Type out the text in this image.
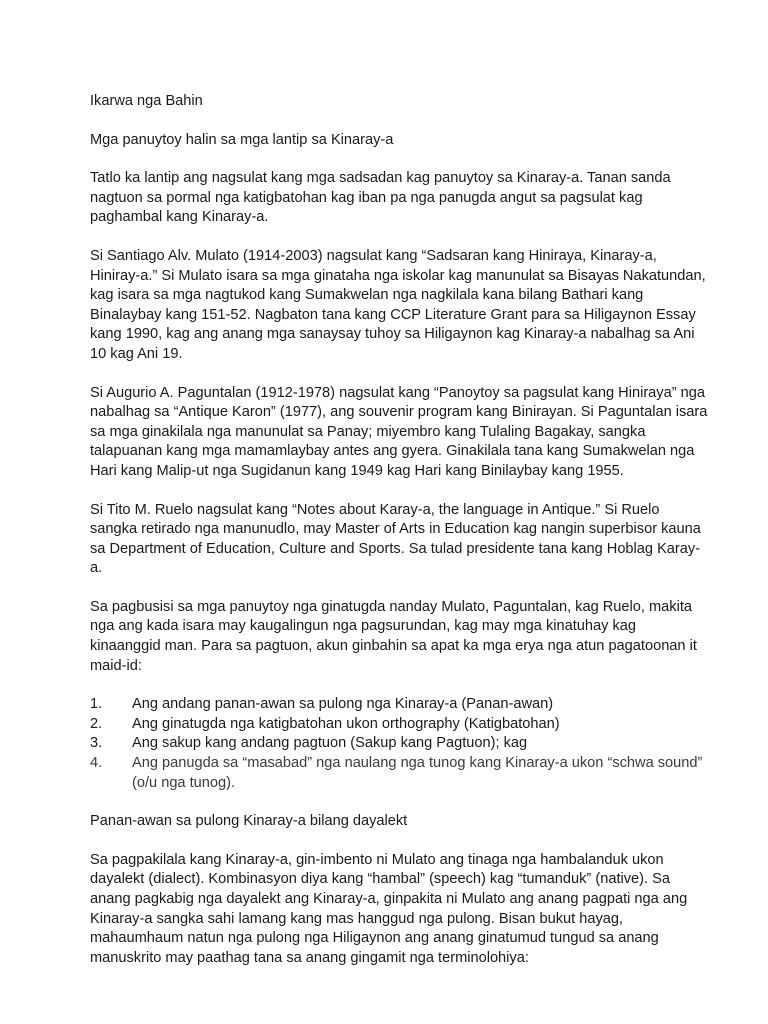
Ikarwa nga Bahin

Mga panuytoy halin sa mga lantip sa Kinaray-a

Tatlo ka lantip ang nagsulat kang mga sadsadan kag panuytoy sa Kinaray-a. Tanan sanda nagtuon sa pormal nga katigbatohan kag iban pa nga panugda angut sa pagsulat kag paghambal kang Kinaray-a.

Si Santiago Alv. Mulato (1914-2003) nagsulat kang “Sadsaran kang Hiniraya, Kinaray-a, Hiniray-a.” Si Mulato isara sa mga ginataha nga iskolar kag manunulat sa Bisayas Nakatundan, kag isara sa mga nagtukod kang Sumakwelan nga nagkilala kana bilang Bathari kang Binalaybay kang 151-52. Nagbaton tana kang CCP Literature Grant para sa Hiligaynon Essay kang 1990, kag ang anang mga sanaysay tuhoy sa Hiligaynon kag Kinaray-a nabalhag sa Ani 10 kag Ani 19.

Si Augurio A. Paguntalan (1912-1978) nagsulat kang “Panoytoy sa pagsulat kang Hiniraya” nga nabalhag sa “Antique Karon” (1977), ang souvenir program kang Binirayan. Si Paguntalan isara sa mga ginakilala nga manunulat sa Panay; miyembro kang Tulaling Bagakay, sangka talapuanan kang mga mamamlaybay antes ang gyera. Ginakilala tana kang Sumakwelan nga Hari kang Malip-ut nga Sugidanun kang 1949 kag Hari kang Binilaybay kang 1955.

Si Tito M. Ruelo nagsulat kang “Notes about Karay-a, the language in Antique.” Si Ruelo sangka retirado nga manunudlo, may Master of Arts in Education kag nangin superbisor kauna sa Department of Education, Culture and Sports. Sa tulad presidente tana kang Hoblag Karay-a.

Sa pagbusisi sa mga panuytoy nga ginatugda nanday Mulato, Paguntalan, kag Ruelo, makita nga ang kada isara may kaugalingun nga pagsurundan, kag may mga kinatuhay kag kinaanggid man. Para sa pagtuon, akun ginbahin sa apat ka mga erya nga atun pagatoonan it maid-id:

1.	Ang andang panan-awan sa pulong nga Kinaray-a (Panan-awan)
2.	Ang ginatugda nga katigbatohan ukon orthography (Katigbatohan)
3.	Ang sakup kang andang pagtuon (Sakup kang Pagtuon); kag
4.	Ang panugda sa “masabad” nga naulang nga tunog kang Kinaray-a ukon “schwa sound” (o/u nga tunog).

Panan-awan sa pulong Kinaray-a bilang dayalekt

Sa pagpakilala kang Kinaray-a, gin-imbento ni Mulato ang tinaga nga hambalanduk ukon dayalekt (dialect). Kombinasyon diya kang “hambal” (speech) kag “tumanduk” (native). Sa anang pagkabig nga dayalekt ang Kinaray-a, ginpakita ni Mulato ang anang pagpati nga ang Kinaray-a sangka sahi lamang kang mas hanggud nga pulong. Bisan bukut hayag, mahaumhaum natun nga pulong nga Hiligaynon ang anang ginatumud tungud sa anang manuskrito may paathag tana sa anang gingamit nga terminolohiya:
